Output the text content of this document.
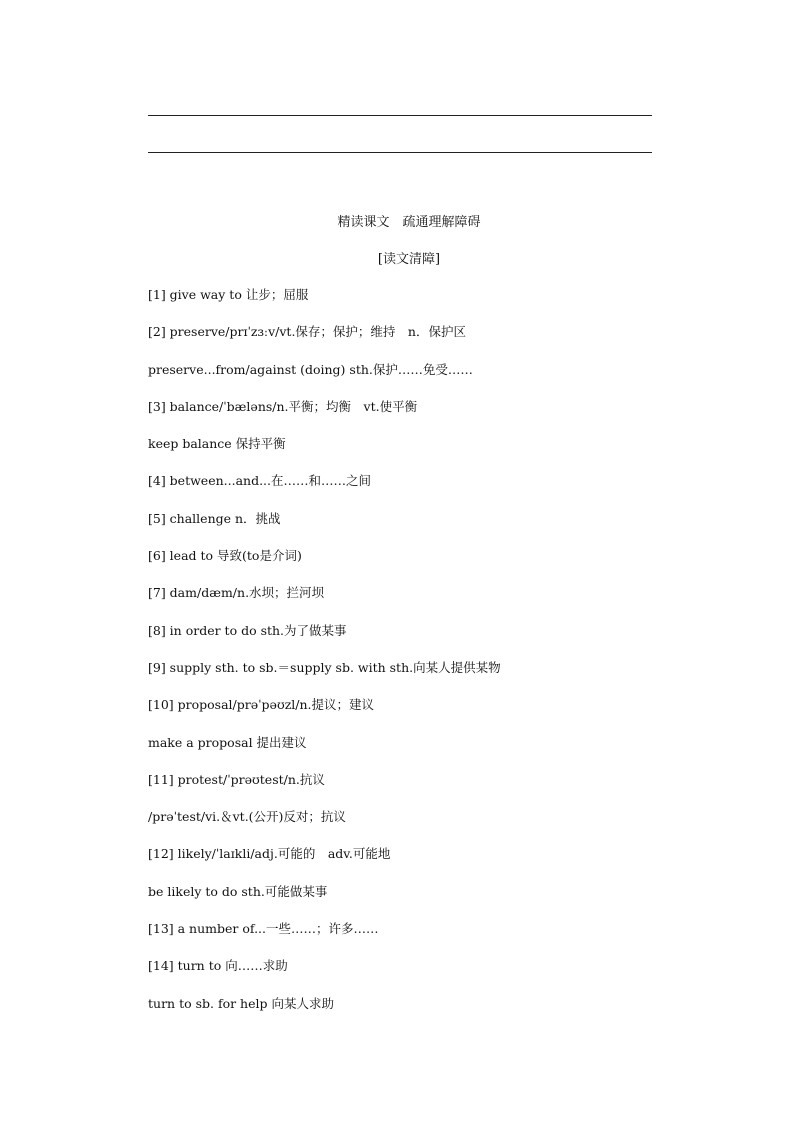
精读课文　疏通理解障碍
[读文清障]
[1] give way to 让步；屈服
[2] preserve/prɪˈzɜːv/vt.保存；保护；维持　n．保护区
preserve...from/against (doing) sth.保护……免受……
[3] balance/ˈbæləns/n.平衡；均衡　vt.使平衡
keep balance 保持平衡
[4] between...and...在……和……之间
[5] challenge n．挑战
[6] lead to 导致(to是介词)
[7] dam/dæm/n.水坝；拦河坝
[8] in order to do sth.为了做某事
[9] supply sth. to sb.＝supply sb. with sth.向某人提供某物
[10] proposal/prəˈpəʊzl/n.提议；建议
make a proposal 提出建议
[11] protest/ˈprəʊtest/n.抗议
/prəˈtest/vi.＆vt.(公开)反对；抗议
[12] likely/ˈlaɪkli/adj.可能的　adv.可能地
be likely to do sth.可能做某事
[13] a number of...一些……；许多……
[14] turn to 向……求助
turn to sb. for help 向某人求助
